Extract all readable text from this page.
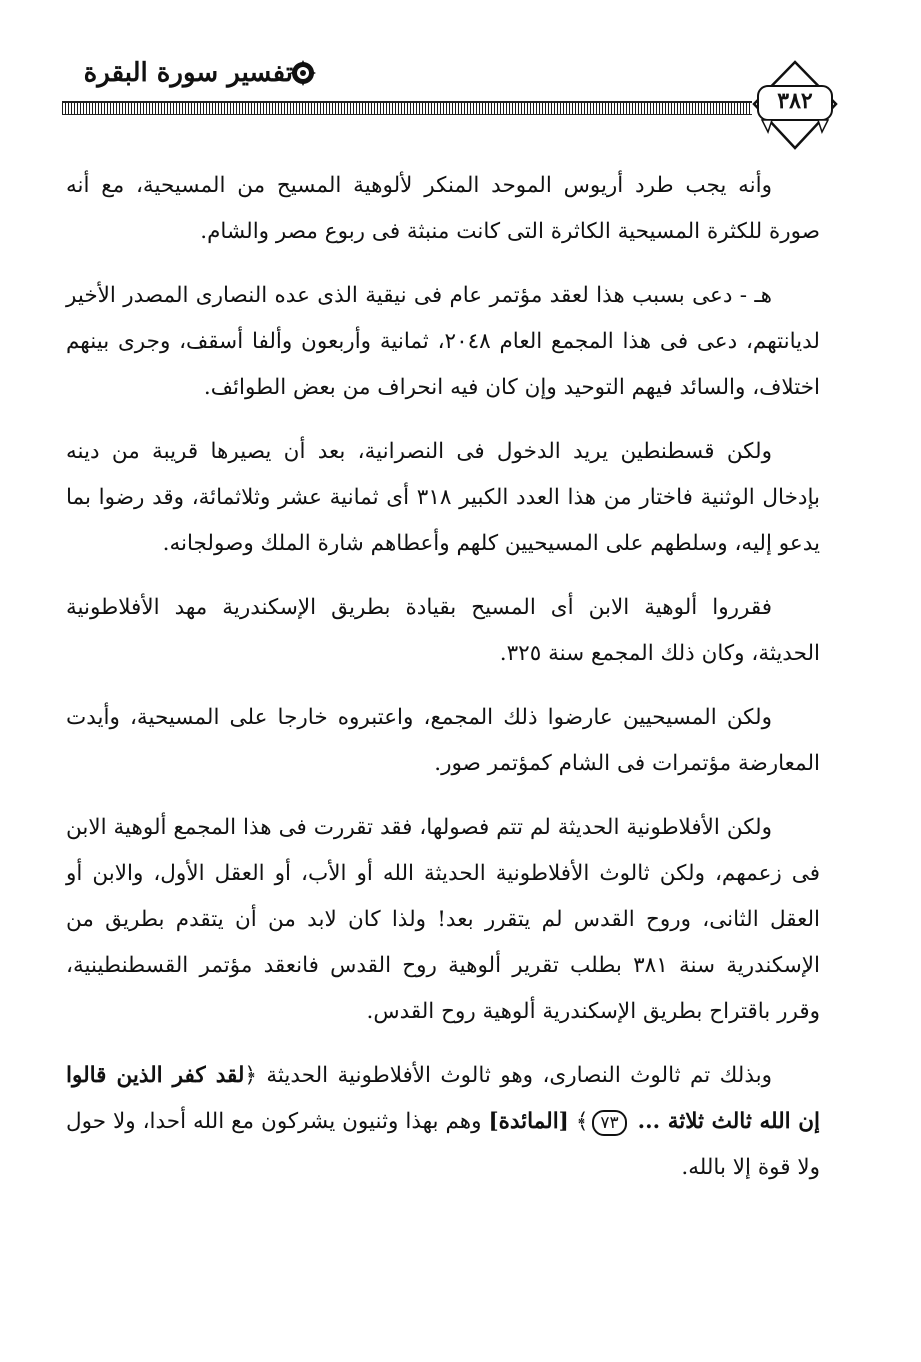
تفسير سورة البقرة
٣٨٢

وأنه يجب طرد أريوس الموحد المنكر لألوهية المسيح من المسيحية، مع أنه صورة للكثرة المسيحية الكاثرة التى كانت منبثة فى ربوع مصر والشام.

هـ - دعى بسبب هذا لعقد مؤتمر عام فى نيقية الذى عده النصارى المصدر الأخير لديانتهم، دعى فى هذا المجمع العام ٢٠٤٨، ثمانية وأربعون وألفا أسقف، وجرى بينهم اختلاف، والسائد فيهم التوحيد وإن كان فيه انحراف من بعض الطوائف.

ولكن قسطنطين يريد الدخول فى النصرانية، بعد أن يصيرها قريبة من دينه بإدخال الوثنية فاختار من هذا العدد الكبير ٣١٨ أى ثمانية عشر وثلاثمائة، وقد رضوا بما يدعو إليه، وسلطهم على المسيحيين كلهم وأعطاهم شارة الملك وصولجانه.

فقرروا ألوهية الابن أى المسيح بقيادة بطريق الإسكندرية مهد الأفلاطونية الحديثة، وكان ذلك المجمع سنة ٣٢٥.

ولكن المسيحيين عارضوا ذلك المجمع، واعتبروه خارجا على المسيحية، وأيدت المعارضة مؤتمرات فى الشام كمؤتمر صور.

ولكن الأفلاطونية الحديثة لم تتم فصولها، فقد تقررت فى هذا المجمع ألوهية الابن فى زعمهم، ولكن ثالوث الأفلاطونية الحديثة الله أو الأب، أو العقل الأول، والابن أو العقل الثانى، وروح القدس لم يتقرر بعد! ولذا كان لابد من أن يتقدم بطريق من الإسكندرية سنة ٣٨١ بطلب تقرير ألوهية روح القدس فانعقد مؤتمر القسطنطينية، وقرر باقتراح بطريق الإسكندرية ألوهية روح القدس.

وبذلك تم ثالوث النصارى، وهو ثالوث الأفلاطونية الحديثة ﴿لقد كفر الذين قالوا إن الله ثالث ثلاثة ... ٧٣﴾ [المائدة] وهم بهذا وثنيون يشركون مع الله أحدا، ولا حول ولا قوة إلا بالله.
